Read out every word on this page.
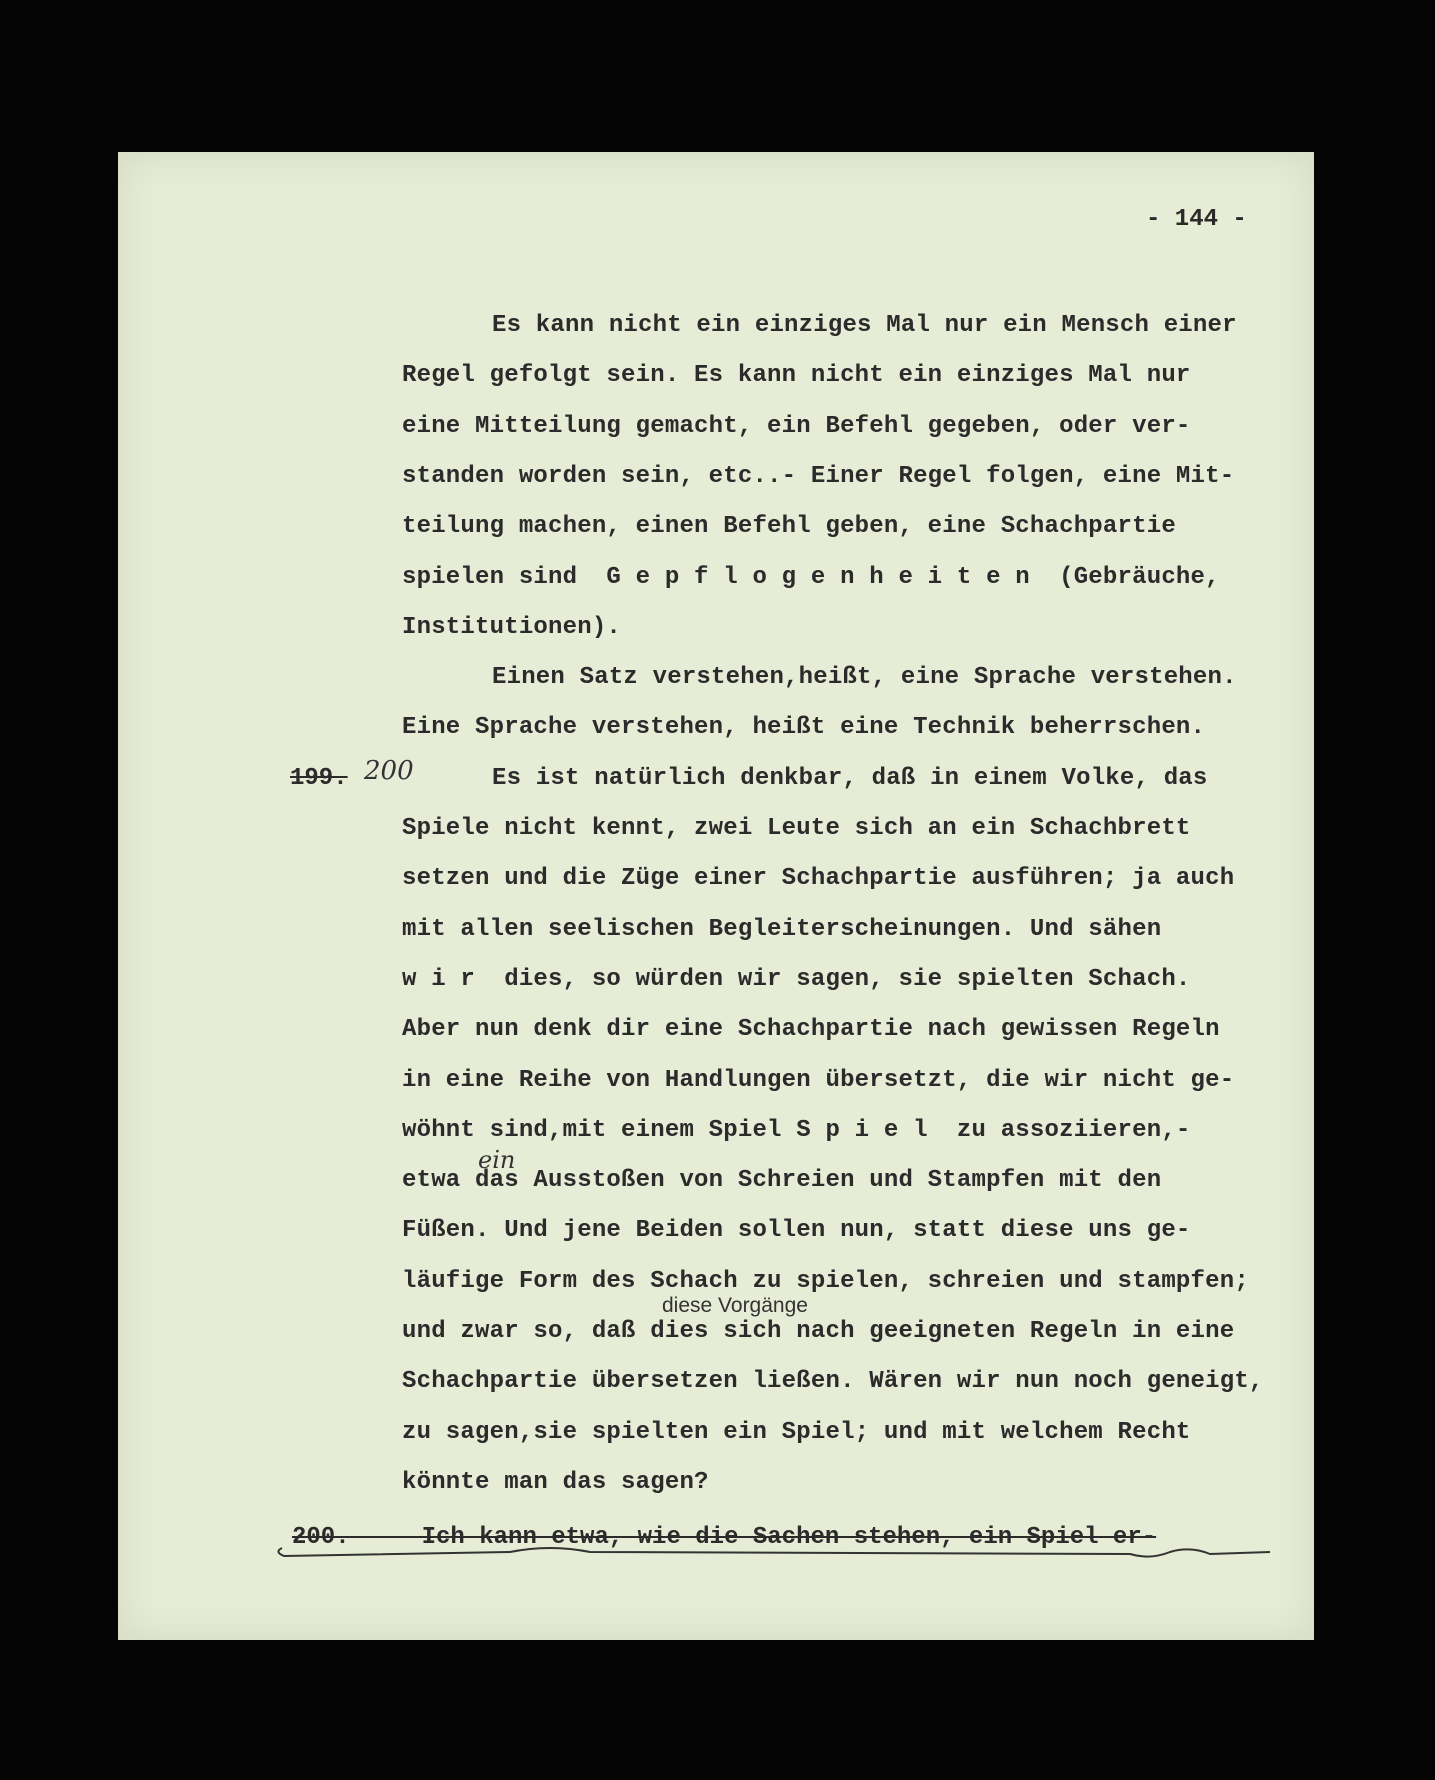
- 144 -
Es kann nicht ein einziges Mal nur ein Mensch einer
Regel gefolgt sein. Es kann nicht ein einziges Mal nur
eine Mitteilung gemacht, ein Befehl gegeben, oder ver-
standen worden sein, etc..- Einer Regel folgen, eine Mit-
teilung machen, einen Befehl geben, eine Schachpartie
spielen sind  G e p f l o g e n h e i t e n  (Gebräuche,
Institutionen).
Einen Satz verstehen,heißt, eine Sprache verstehen.
Eine Sprache verstehen, heißt eine Technik beherrschen.
Es ist natürlich denkbar, daß in einem Volke, das
Spiele nicht kennt, zwei Leute sich an ein Schachbrett
setzen und die Züge einer Schachpartie ausführen; ja auch
mit allen seelischen Begleiterscheinungen. Und sähen
w i r  dies, so würden wir sagen, sie spielten Schach.
Aber nun denk dir eine Schachpartie nach gewissen Regeln
in eine Reihe von Handlungen übersetzt, die wir nicht ge-
wöhnt sind,mit einem Spiel S p i e l  zu assoziieren,-
etwa das Ausstoßen von Schreien und Stampfen mit den
Füßen. Und jene Beiden sollen nun, statt diese uns ge-
läufige Form des Schach zu spielen, schreien und stampfen;
und zwar so, daß dies sich nach geeigneten Regeln in eine
Schachpartie übersetzen ließen. Wären wir nun noch geneigt,
zu sagen,sie spielten ein Spiel; und mit welchem Recht
könnte man das sagen?
199. 200
ein
diese Vorgänge
200.     Ich kann etwa, wie die Sachen stehen, ein Spiel er-
